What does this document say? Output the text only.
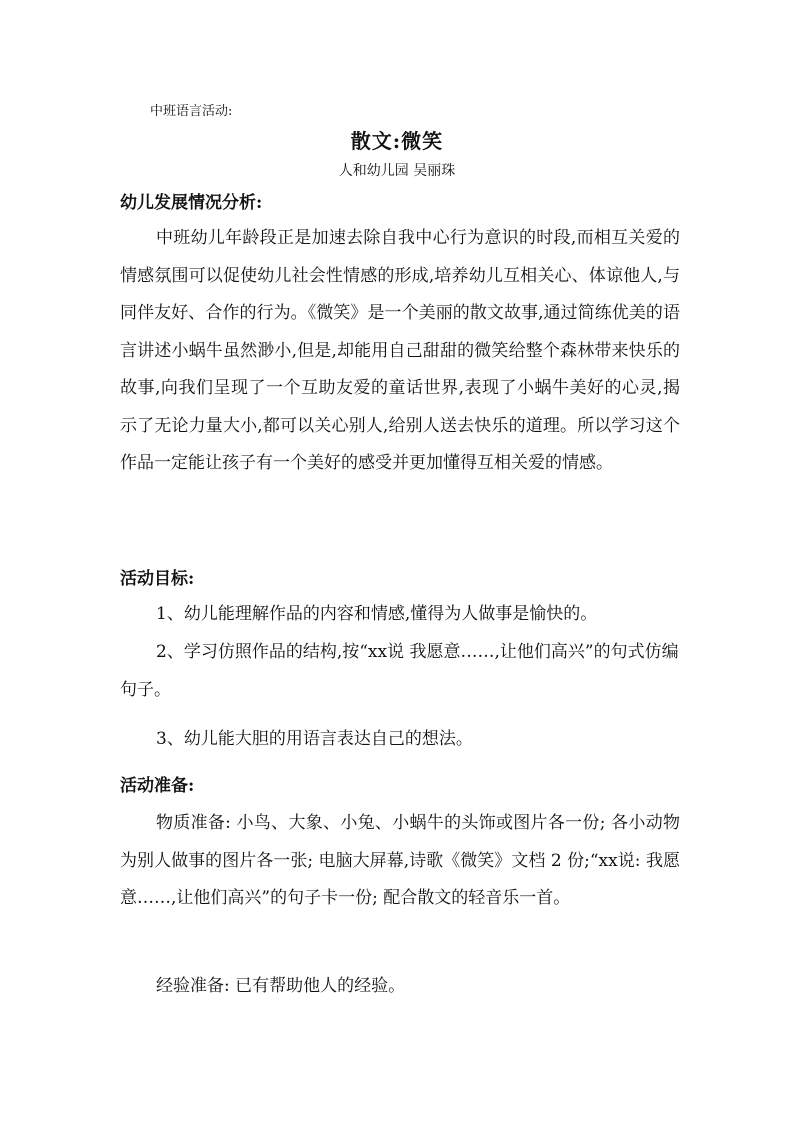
中班语言活动:
散文:微笑
人和幼儿园 吴丽珠
幼儿发展情况分析:

中班幼儿年龄段正是加速去除自我中心行为意识的时段,而相互关爱的情感氛围可以促使幼儿社会性情感的形成,培养幼儿互相关心、体谅他人,与同伴友好、合作的行为。《微笑》是一个美丽的散文故事,通过简练优美的语言讲述小蜗牛虽然渺小,但是,却能用自己甜甜的微笑给整个森林带来快乐的故事,向我们呈现了一个互助友爱的童话世界,表现了小蜗牛美好的心灵,揭示了无论力量大小,都可以关心别人,给别人送去快乐的道理。所以学习这个作品一定能让孩子有一个美好的感受并更加懂得互相关爱的情感。

活动目标:

1、幼儿能理解作品的内容和情感,懂得为人做事是愉快的。

2、学习仿照作品的结构,按“xx说 我愿意……,让他们高兴”的句式仿编句子。

3、幼儿能大胆的用语言表达自己的想法。

活动准备:

物质准备: 小鸟、大象、小兔、小蜗牛的头饰或图片各一份; 各小动物为别人做事的图片各一张; 电脑大屏幕,诗歌《微笑》文档 2 份;“xx说: 我愿意……,让他们高兴”的句子卡一份; 配合散文的轻音乐一首。

经验准备: 已有帮助他人的经验。
